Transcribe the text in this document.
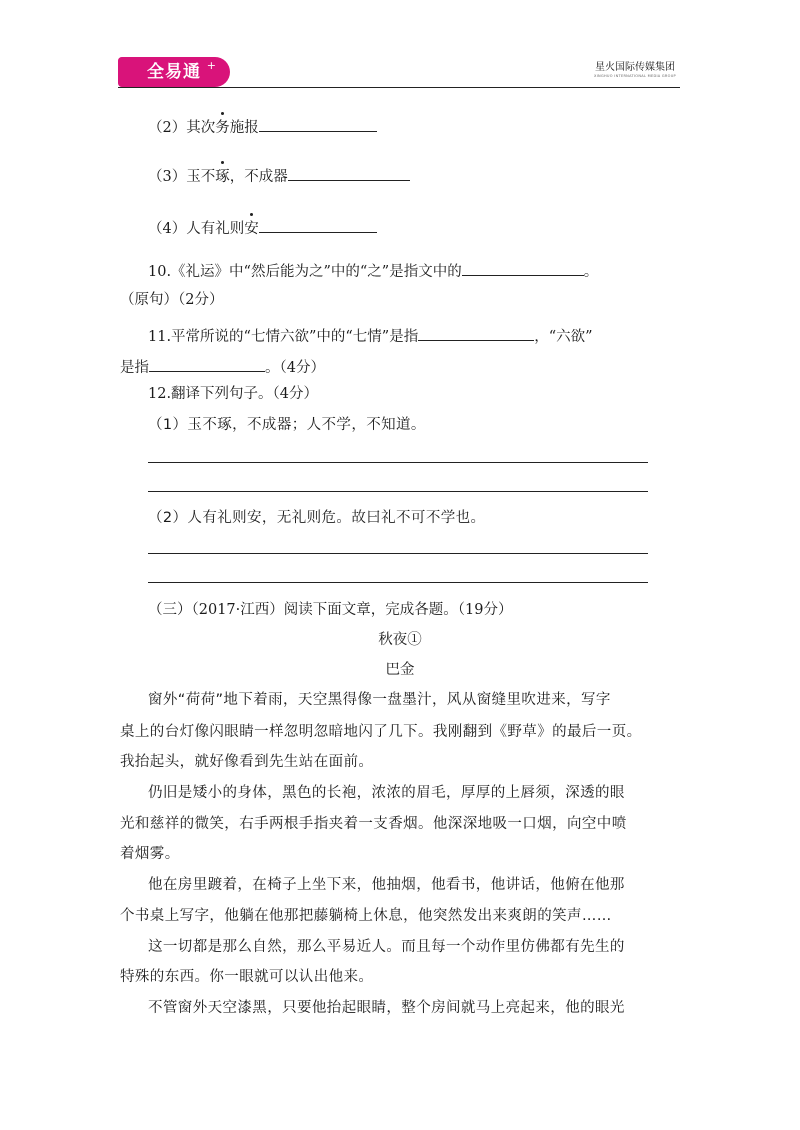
全易通 +	星火国际传媒集团
XINGHUO INTERNATIONAL MEDIA GROUP
（2）其次务施报
（3）玉不琢，不成器
（4）人有礼则安
10.《礼运》中“然后能为之”中的“之”是指文中的	。
（原句）（2分）
11.平常所说的“七情六欲”中的“七情”是指	，“六欲”
是指	。（4分）
12.翻译下列句子。（4分）
（1）玉不琢，不成器；人不学，不知道。
（2）人有礼则安，无礼则危。故曰礼不可不学也。
（三）（2017·江西）阅读下面文章，完成各题。（19分）
秋夜①
巴金
窗外“荷荷”地下着雨，天空黑得像一盘墨汁，风从窗缝里吹进来，写字
桌上的台灯像闪眼睛一样忽明忽暗地闪了几下。我刚翻到《野草》的最后一页。
我抬起头，就好像看到先生站在面前。
仍旧是矮小的身体，黑色的长袍，浓浓的眉毛，厚厚的上唇须，深透的眼
光和慈祥的微笑，右手两根手指夹着一支香烟。他深深地吸一口烟，向空中喷
着烟雾。
他在房里踱着，在椅子上坐下来，他抽烟，他看书，他讲话，他俯在他那
个书桌上写字，他躺在他那把藤躺椅上休息，他突然发出来爽朗的笑声……
这一切都是那么自然，那么平易近人。而且每一个动作里仿佛都有先生的
特殊的东西。你一眼就可以认出他来。
不管窗外天空漆黑，只要他抬起眼睛，整个房间就马上亮起来，他的眼光
